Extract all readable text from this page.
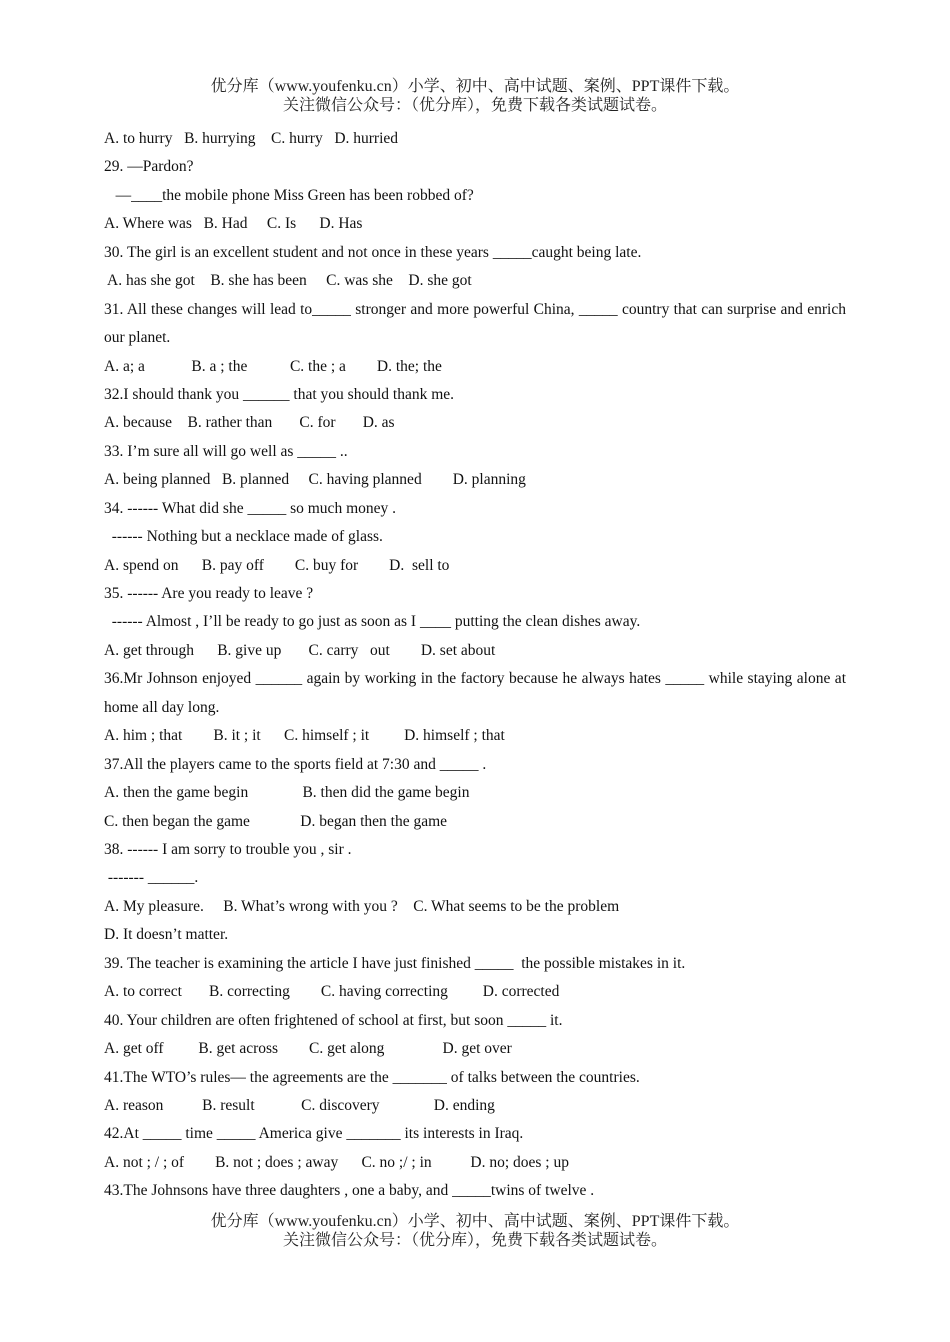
优分库（www.youfenku.cn）小学、初中、高中试题、案例、PPT课件下载。
关注微信公众号：（优分库），免费下载各类试题试卷。
A. to hurry   B. hurrying    C. hurry   D. hurried
29. —Pardon?
—____the mobile phone Miss Green has been robbed of?
A. Where was   B. Had     C. Is      D. Has
30. The girl is an excellent student and not once in these years _____caught being late.
A. has she got    B. she has been     C. was she    D. she got
31. All these changes will lead to_____ stronger and more powerful China, _____ country that can surprise and enrich our planet.
A. a; a            B. a ; the           C. the ; a        D. the; the
32.I should thank you ______ that you should thank me.
A. because    B. rather than       C. for       D. as
33. I’m sure all will go well as _____ ..
A. being planned   B. planned     C. having planned        D. planning
34. ------ What did she _____ so much money .
------ Nothing but a necklace made of glass.
A. spend on      B. pay off        C. buy for        D.  sell to
35. ------ Are you ready to leave ?
------ Almost , I’ll be ready to go just as soon as I ____ putting the clean dishes away.
A. get through      B. give up       C. carry   out        D. set about
36.Mr Johnson enjoyed ______ again by working in the factory because he always hates _____ while staying alone at home all day long.
A. him ; that        B. it ; it      C. himself ; it         D. himself ; that
37.All the players came to the sports field at 7:30 and _____ .
A. then the game begin              B. then did the game begin
C. then began the game             D. began then the game
38. ------ I am sorry to trouble you , sir .
------- ______.
A. My pleasure.     B. What’s wrong with you ?    C. What seems to be the problem
D. It doesn’t matter.
39. The teacher is examining the article I have just finished _____  the possible mistakes in it.
A. to correct       B. correcting        C. having correcting         D. corrected
40. Your children are often frightened of school at first, but soon _____ it.
A. get off         B. get across        C. get along               D. get over
41.The WTO’s rules— the agreements are the _______ of talks between the countries.
A. reason          B. result            C. discovery              D. ending
42.At _____ time _____ America give _______ its interests in Iraq.
A. not ; / ; of        B. not ; does ; away      C. no ;/ ; in          D. no; does ; up
43.The Johnsons have three daughters , one a baby, and _____twins of twelve .
优分库（www.youfenku.cn）小学、初中、高中试题、案例、PPT课件下载。
关注微信公众号：（优分库），免费下载各类试题试卷。
